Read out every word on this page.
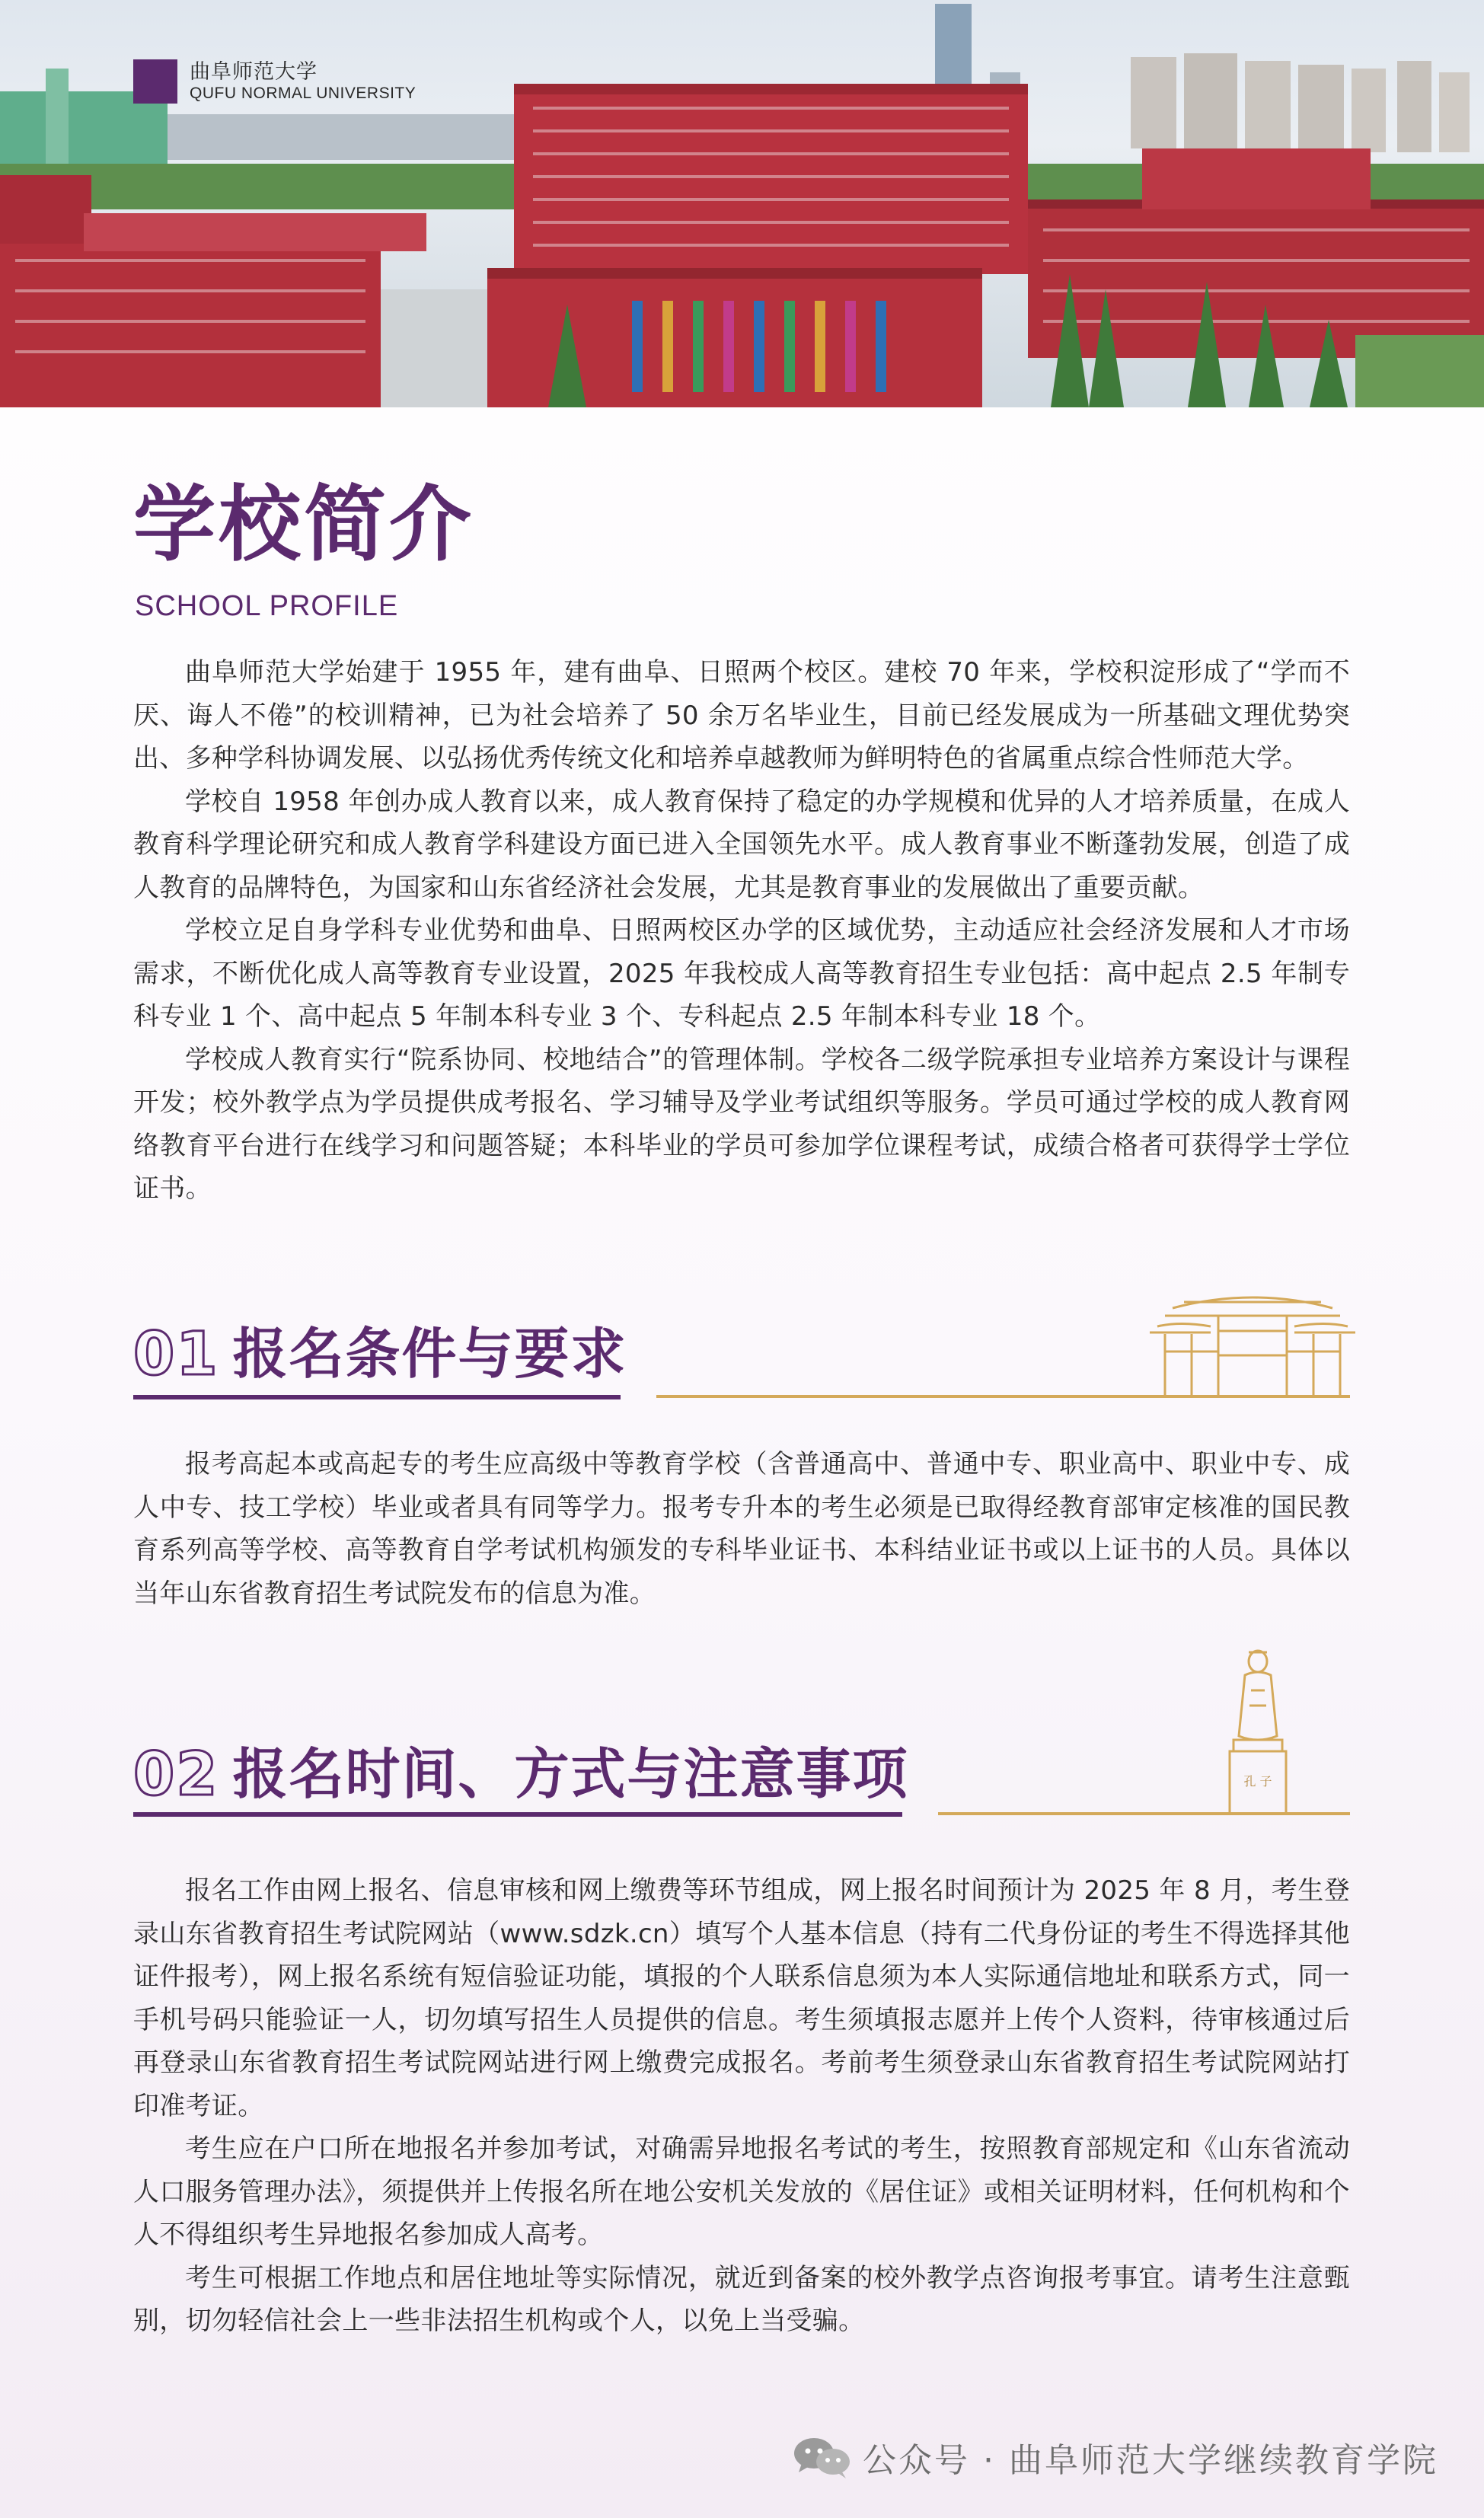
曲阜师范大学
QUFU NORMAL UNIVERSITY
学校简介
SCHOOL PROFILE

曲阜师范大学始建于 1955 年，建有曲阜、日照两个校区。建校 70 年来，学校积淀形成了“学而不厌、诲人不倦”的校训精神，已为社会培养了 50 余万名毕业生，目前已经发展成为一所基础文理优势突出、多种学科协调发展、以弘扬优秀传统文化和培养卓越教师为鲜明特色的省属重点综合性师范大学。

学校自 1958 年创办成人教育以来，成人教育保持了稳定的办学规模和优异的人才培养质量，在成人教育科学理论研究和成人教育学科建设方面已进入全国领先水平。成人教育事业不断蓬勃发展，创造了成人教育的品牌特色，为国家和山东省经济社会发展，尤其是教育事业的发展做出了重要贡献。

学校立足自身学科专业优势和曲阜、日照两校区办学的区域优势，主动适应社会经济发展和人才市场需求，不断优化成人高等教育专业设置，2025 年我校成人高等教育招生专业包括：高中起点 2.5 年制专科专业 1 个、高中起点 5 年制本科专业 3 个、专科起点 2.5 年制本科专业 18 个。

学校成人教育实行“院系协同、校地结合”的管理体制。学校各二级学院承担专业培养方案设计与课程开发；校外教学点为学员提供成考报名、学习辅导及学业考试组织等服务。学员可通过学校的成人教育网络教育平台进行在线学习和问题答疑；本科毕业的学员可参加学位课程考试，成绩合格者可获得学士学位证书。

01 报名条件与要求

报考高起本或高起专的考生应高级中等教育学校（含普通高中、普通中专、职业高中、职业中专、成人中专、技工学校）毕业或者具有同等学力。报考专升本的考生必须是已取得经教育部审定核准的国民教育系列高等学校、高等教育自学考试机构颁发的专科毕业证书、本科结业证书或以上证书的人员。具体以当年山东省教育招生考试院发布的信息为准。

02 报名时间、方式与注意事项	孔 子

报名工作由网上报名、信息审核和网上缴费等环节组成，网上报名时间预计为 2025 年 8 月，考生登录山东省教育招生考试院网站（www.sdzk.cn）填写个人基本信息（持有二代身份证的考生不得选择其他证件报考），网上报名系统有短信验证功能，填报的个人联系信息须为本人实际通信地址和联系方式，同一手机号码只能验证一人，切勿填写招生人员提供的信息。考生须填报志愿并上传个人资料，待审核通过后再登录山东省教育招生考试院网站进行网上缴费完成报名。考前考生须登录山东省教育招生考试院网站打印准考证。

考生应在户口所在地报名并参加考试，对确需异地报名考试的考生，按照教育部规定和《山东省流动人口服务管理办法》，须提供并上传报名所在地公安机关发放的《居住证》或相关证明材料，任何机构和个人不得组织考生异地报名参加成人高考。

考生可根据工作地点和居住地址等实际情况，就近到备案的校外教学点咨询报考事宜。请考生注意甄别，切勿轻信社会上一些非法招生机构或个人，以免上当受骗。

公众号 · 曲阜师范大学继续教育学院
